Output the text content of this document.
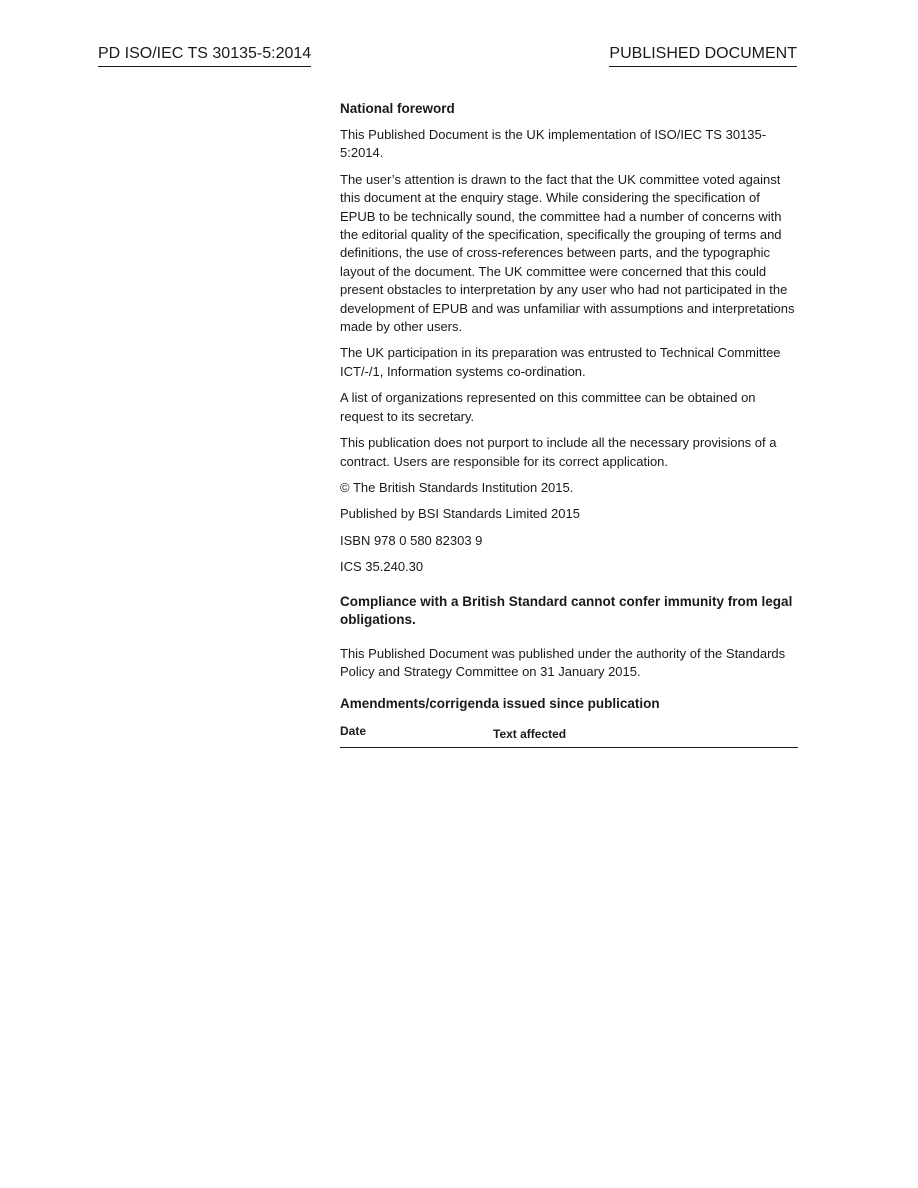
PD ISO/IEC TS 30135-5:2014	PUBLISHED DOCUMENT
National foreword

This Published Document is the UK implementation of ISO/IEC TS 30135-5:2014.

The user’s attention is drawn to the fact that the UK committee voted against this document at the enquiry stage. While considering the specification of EPUB to be technically sound, the committee had a number of concerns with the editorial quality of the specification, specifically the grouping of terms and definitions, the use of cross-references between parts, and the typographic layout of the document. The UK committee were concerned that this could present obstacles to interpretation by any user who had not participated in the development of EPUB and was unfamiliar with assumptions and interpretations made by other users.

The UK participation in its preparation was entrusted to Technical Committee ICT/-/1, Information systems co-ordination.

A list of organizations represented on this committee can be obtained on request to its secretary.

This publication does not purport to include all the necessary provisions of a contract. Users are responsible for its correct application.

© The British Standards Institution 2015.

Published by BSI Standards Limited 2015

ISBN 978 0 580 82303 9

ICS 35.240.30

Compliance with a British Standard cannot confer immunity from legal obligations.

This Published Document was published under the authority of the Standards Policy and Strategy Committee on 31 January 2015.

Amendments/corrigenda issued since publication
Date	Text affected
